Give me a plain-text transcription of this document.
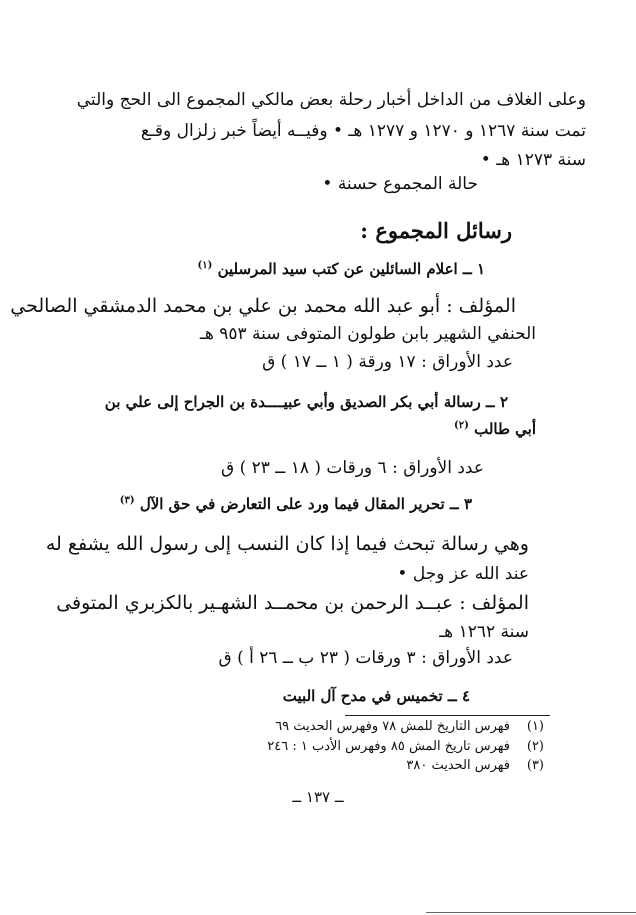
وعلى الغلاف من الداخل أخبار رحلة بعض مالكي المجموع الى الحج والتي
تمت سنة ١٢٦٧ و ١٢٧٠ و ١٢٧٧ هـ • وفيــه أيضاً خبر زلزال وقـع
سنة ١٢٧٣ هـ •
حالة المجموع حسنة •
رسائل المجموع :
١ ــ اعلام السائلين عن كتب سيد المرسلين $^{(١)}$
المؤلف : أبو عبد الله محمد بن علي بن محمد الدمشقي الصالحي
الحنفي الشهير بابن طولون المتوفى سنة ٩٥٣ هـ
عدد الأوراق : ١٧ ورقة ( ١ ــ ١٧ ) ق
٢ ــ رسالة أبي بكر الصديق وأبي عبيــــدة بن الجراح إلى علي بن
أبي طالب $^{(٢)}$
عدد الأوراق : ٦ ورقات ( ١٨ ــ ٢٣ ) ق
٣ ــ تحرير المقال فيما ورد على التعارض في حق الآل $^{(٣)}$
وهي رسالة تبحث فيما إذا كان النسب إلى رسول الله يشفع له
عند الله عز وجل •
المؤلف : عبــد الرحمن بن محمــد الشهـير بالكزبري المتوفى
سنة ١٢٦٢ هـ
عدد الأوراق : ٣ ورقات ( ٢٣ ب ــ ٢٦ أ ) ق
٤ ــ تخميس في مدح آل البيت
(١)فهرس التاريخ للمش ٧٨ وفهرس الحديث ٦٩
(٢)فهرس تاريخ المش ٨٥ وفهرس الأدب ١ : ٢٤٦
(٣)فهرس الحديث ٣٨٠
ــ ١٣٧ ــ
